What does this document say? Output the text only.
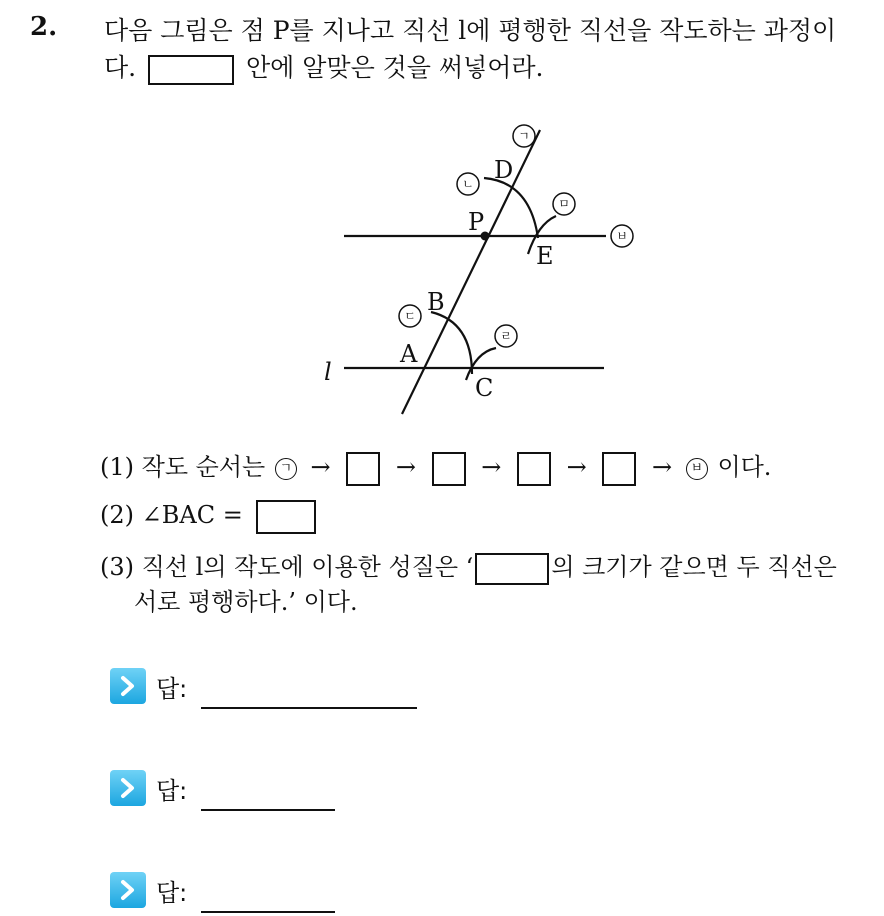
2. 다음 그림은 점 P를 지나고 직선 l에 평행한 직선을 작도하는 과정이 다.	안에 알맞은 것을 써넣어라.
D
P
E
B
A
C
l
ㄱ
ㄴ
ㅁ
ㅂ
ㄷ
ㄹ
(1) 작도 순서는 ㄱ →	→	→	→	→ ㅂ 이다.
(2) ∠BAC =
(3) 직선 l의 작도에 이용한 성질은 ‘	의 크기가 같으면 두 직선은
서로 평행하다.’ 이다.
답:
답:
답:
